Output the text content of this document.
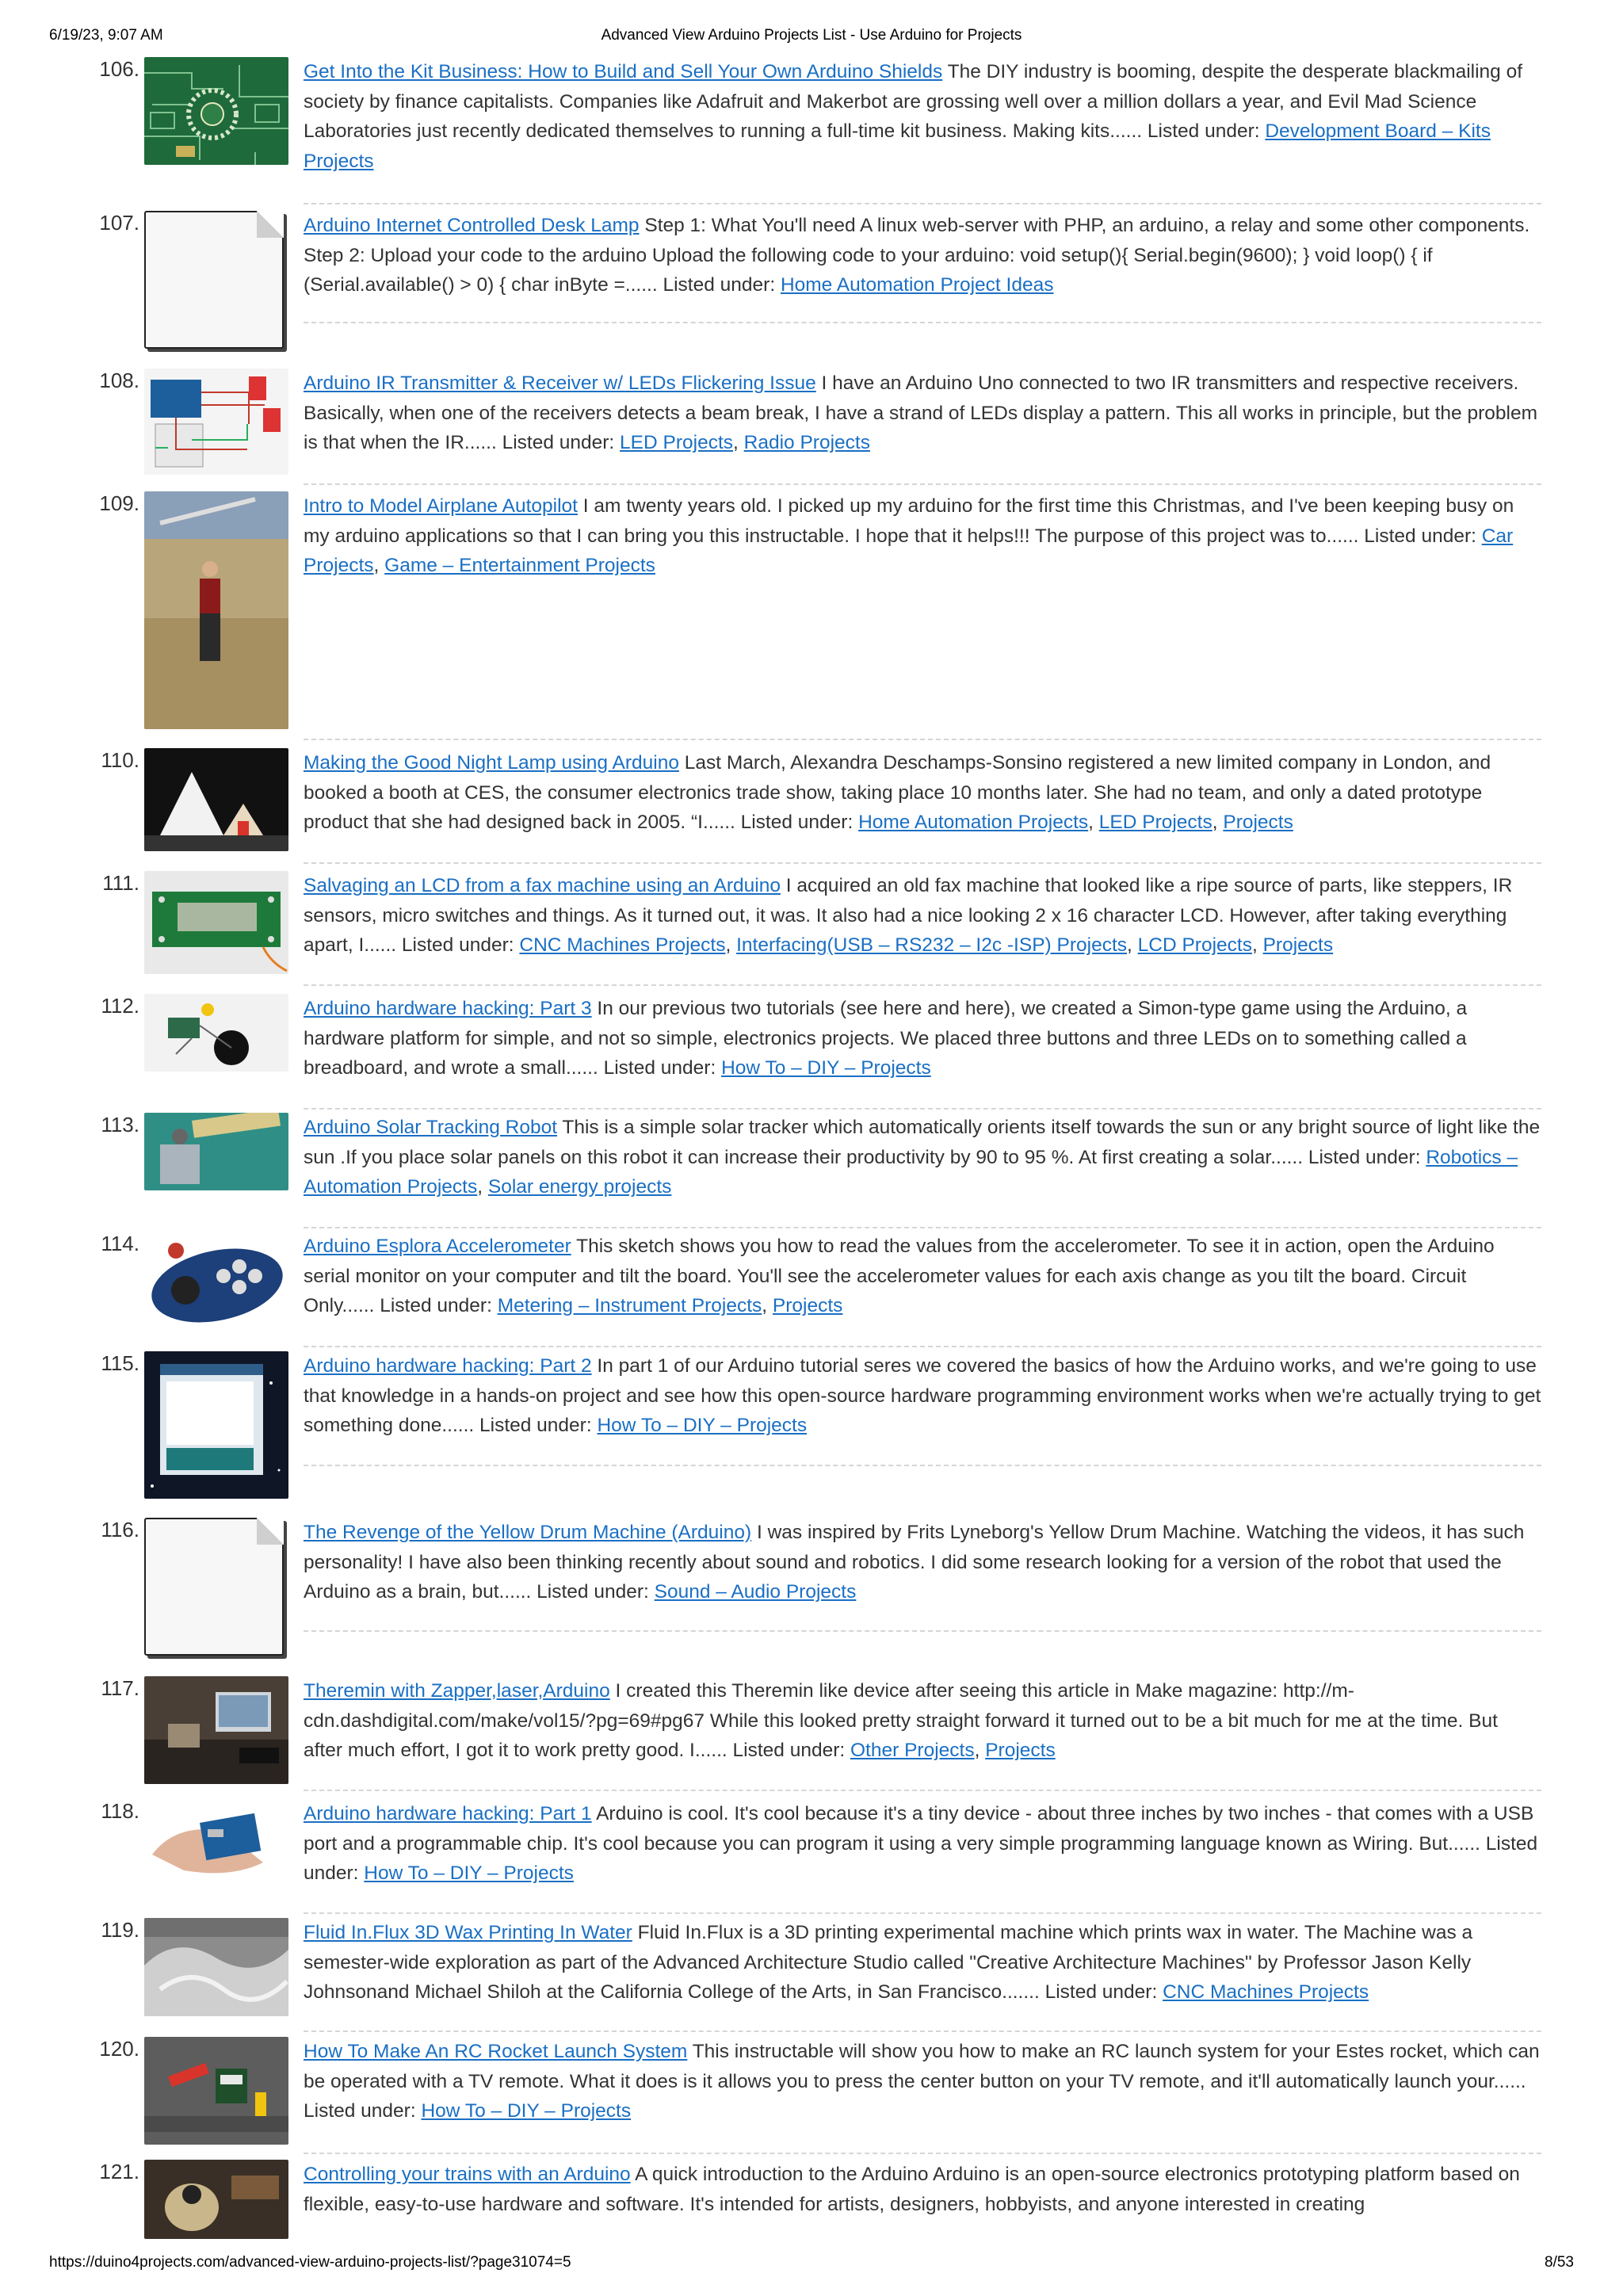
6/19/23, 9:07 AM	Advanced View Arduino Projects List - Use Arduino for Projects
106.	Get Into the Kit Business: How to Build and Sell Your Own Arduino Shields The DIY industry is booming, despite the desperate blackmailing of society by finance capitalists. Companies like Adafruit and Makerbot are grossing well over a million dollars a year, and Evil Mad Science Laboratories just recently dedicated themselves to running a full-time kit business. Making kits...... Listed under: Development Board – Kits Projects
107.	Arduino Internet Controlled Desk Lamp Step 1: What You'll need A linux web-server with PHP, an arduino, a relay and some other components. Step 2: Upload your code to the arduino Upload the following code to your arduino: void setup(){ Serial.begin(9600); } void loop() { if (Serial.available() > 0) { char inByte =...... Listed under: Home Automation Project Ideas
108.	Arduino IR Transmitter & Receiver w/ LEDs Flickering Issue I have an Arduino Uno connected to two IR transmitters and respective receivers. Basically, when one of the receivers detects a beam break, I have a strand of LEDs display a pattern. This all works in principle, but the problem is that when the IR...... Listed under: LED Projects, Radio Projects
109.	Intro to Model Airplane Autopilot I am twenty years old. I picked up my arduino for the first time this Christmas, and I've been keeping busy on my arduino applications so that I can bring you this instructable. I hope that it helps!!! The purpose of this project was to...... Listed under: Car Projects, Game – Entertainment Projects
110.	Making the Good Night Lamp using Arduino Last March, Alexandra Deschamps-Sonsino registered a new limited company in London, and booked a booth at CES, the consumer electronics trade show, taking place 10 months later. She had no team, and only a dated prototype product that she had designed back in 2005. “I...... Listed under: Home Automation Projects, LED Projects, Projects
111.	Salvaging an LCD from a fax machine using an Arduino I acquired an old fax machine that looked like a ripe source of parts, like steppers, IR sensors, micro switches and things. As it turned out, it was. It also had a nice looking 2 x 16 character LCD. However, after taking everything apart, I...... Listed under: CNC Machines Projects, Interfacing(USB – RS232 – I2c -ISP) Projects, LCD Projects, Projects
112.	Arduino hardware hacking: Part 3 In our previous two tutorials (see here and here), we created a Simon-type game using the Arduino, a hardware platform for simple, and not so simple, electronics projects. We placed three buttons and three LEDs on to something called a breadboard, and wrote a small...... Listed under: How To – DIY – Projects
113.	Arduino Solar Tracking Robot This is a simple solar tracker which automatically orients itself towards the sun or any bright source of light like the sun .If you place solar panels on this robot it can increase their productivity by 90 to 95 %. At first creating a solar...... Listed under: Robotics – Automation Projects, Solar energy projects
114.	Arduino Esplora Accelerometer This sketch shows you how to read the values from the accelerometer. To see it in action, open the Arduino serial monitor on your computer and tilt the board. You'll see the accelerometer values for each axis change as you tilt the board. Circuit Only...... Listed under: Metering – Instrument Projects, Projects
115.	Arduino hardware hacking: Part 2 In part 1 of our Arduino tutorial seres we covered the basics of how the Arduino works, and we're going to use that knowledge in a hands-on project and see how this open-source hardware programming environment works when we're actually trying to get something done...... Listed under: How To – DIY – Projects
116.	The Revenge of the Yellow Drum Machine (Arduino) I was inspired by Frits Lyneborg's Yellow Drum Machine. Watching the videos, it has such personality! I have also been thinking recently about sound and robotics. I did some research looking for a version of the robot that used the Arduino as a brain, but...... Listed under: Sound – Audio Projects
117.	Theremin with Zapper,laser,Arduino I created this Theremin like device after seeing this article in Make magazine: http://m-cdn.dashdigital.com/make/vol15/?pg=69#pg67 While this looked pretty straight forward it turned out to be a bit much for me at the time. But after much effort, I got it to work pretty good. I...... Listed under: Other Projects, Projects
118.	Arduino hardware hacking: Part 1 Arduino is cool. It's cool because it's a tiny device - about three inches by two inches - that comes with a USB port and a programmable chip. It's cool because you can program it using a very simple programming language known as Wiring. But...... Listed under: How To – DIY – Projects
119.	Fluid In.Flux 3D Wax Printing In Water Fluid In.Flux is a 3D printing experimental machine which prints wax in water. The Machine was a semester-wide exploration as part of the Advanced Architecture Studio called "Creative Architecture Machines" by Professor Jason Kelly Johnsonand Michael Shiloh at the California College of the Arts, in San Francisco....... Listed under: CNC Machines Projects
120.	How To Make An RC Rocket Launch System This instructable will show you how to make an RC launch system for your Estes rocket, which can be operated with a TV remote. What it does is it allows you to press the center button on your TV remote, and it'll automatically launch your...... Listed under: How To – DIY – Projects
121.	Controlling your trains with an Arduino A quick introduction to the Arduino Arduino is an open-source electronics prototyping platform based on flexible, easy-to-use hardware and software. It's intended for artists, designers, hobbyists, and anyone interested in creating
https://duino4projects.com/advanced-view-arduino-projects-list/?page31074=5	8/53
